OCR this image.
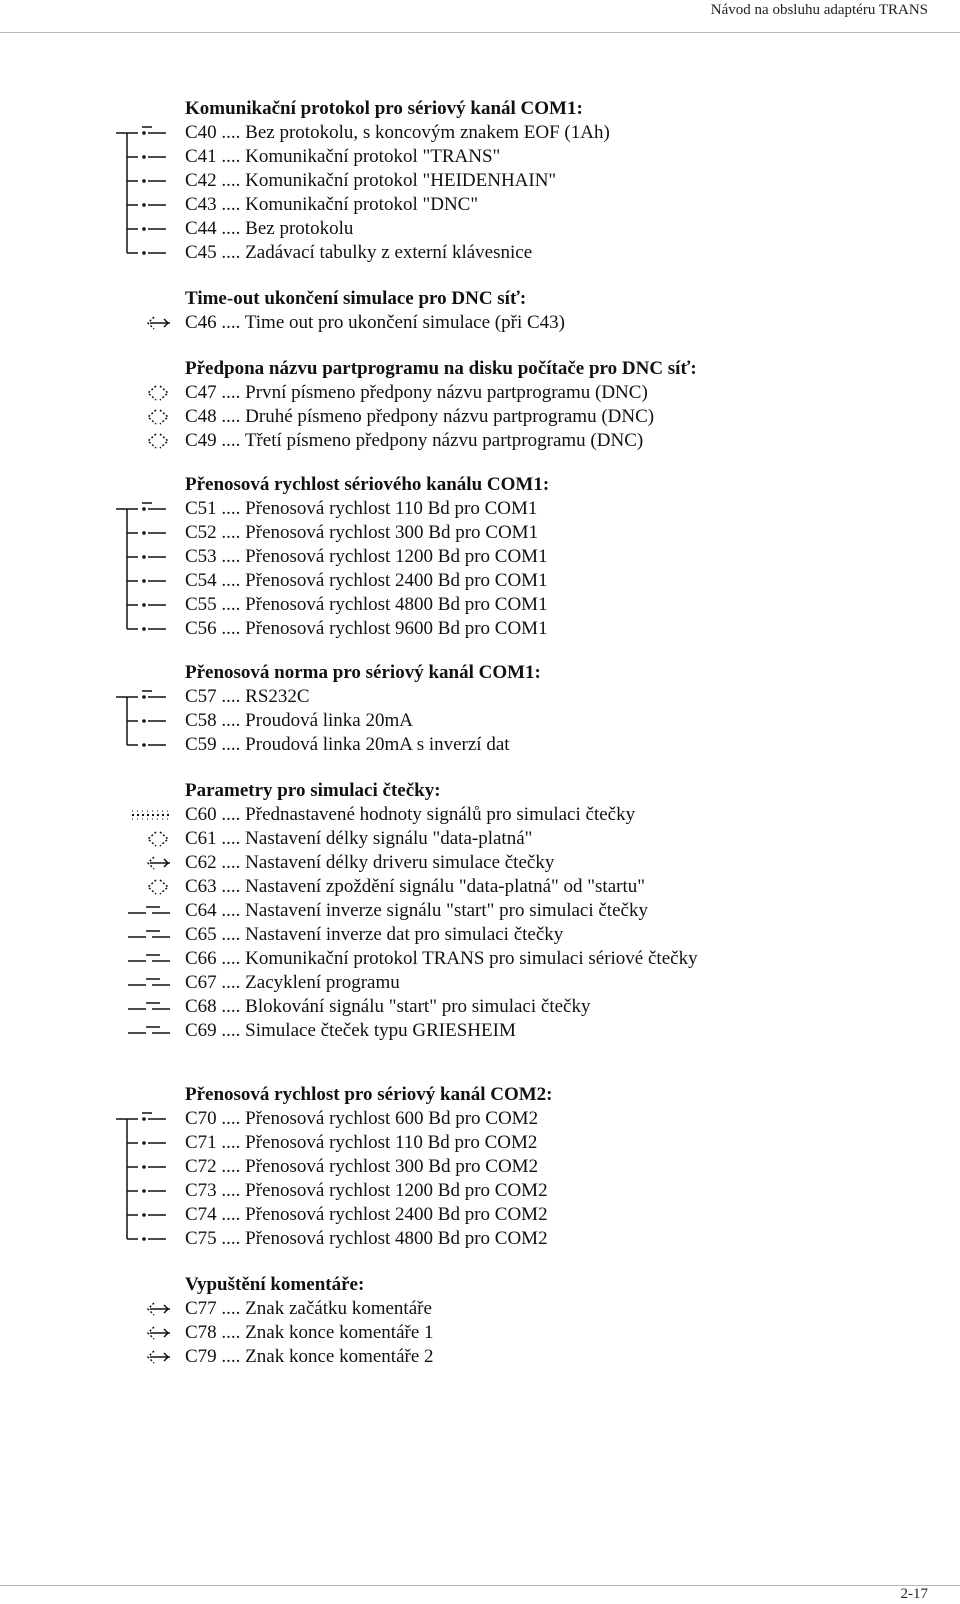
Návod na obsluhu adaptéru TRANS
Komunikační protokol pro sériový kanál COM1:
C40 .... Bez protokolu, s koncovým znakem EOF (1Ah)
C41 .... Komunikační protokol "TRANS"
C42 .... Komunikační protokol "HEIDENHAIN"
C43 .... Komunikační protokol "DNC"
C44 .... Bez protokolu
C45 .... Zadávací tabulky z externí klávesnice
Time-out ukončení simulace pro DNC síť:
C46 .... Time out pro ukončení simulace (při C43)
Předpona názvu partprogramu na disku počítače pro DNC síť:
C47 .... První písmeno předpony názvu partprogramu (DNC)
C48 .... Druhé písmeno předpony názvu partprogramu (DNC)
C49 .... Třetí písmeno předpony názvu partprogramu (DNC)
Přenosová rychlost sériového kanálu COM1:
C51 .... Přenosová rychlost 110 Bd pro COM1
C52 .... Přenosová rychlost 300 Bd pro COM1
C53 .... Přenosová rychlost 1200 Bd pro COM1
C54 .... Přenosová rychlost 2400 Bd pro COM1
C55 .... Přenosová rychlost 4800 Bd pro COM1
C56 .... Přenosová rychlost 9600 Bd pro COM1
Přenosová norma pro sériový kanál COM1:
C57 .... RS232C
C58 .... Proudová linka 20mA
C59 .... Proudová linka 20mA s inverzí dat
Parametry pro simulaci čtečky:
C60 .... Přednastavené hodnoty signálů pro simulaci čtečky
C61 .... Nastavení délky signálu "data-platná"
C62 .... Nastavení délky driveru simulace čtečky
C63 .... Nastavení zpoždění signálu "data-platná" od "startu"
C64 .... Nastavení inverze signálu "start" pro simulaci čtečky
C65 .... Nastavení inverze dat pro simulaci čtečky
C66 .... Komunikační protokol TRANS pro simulaci sériové čtečky
C67 .... Zacyklení programu
C68 .... Blokování signálu "start" pro simulaci čtečky
C69 .... Simulace čteček typu GRIESHEIM
Přenosová rychlost pro sériový kanál COM2:
C70 .... Přenosová rychlost 600 Bd pro COM2
C71 .... Přenosová rychlost 110 Bd pro COM2
C72 .... Přenosová rychlost 300 Bd pro COM2
C73 .... Přenosová rychlost 1200 Bd pro COM2
C74 .... Přenosová rychlost 2400 Bd pro COM2
C75 .... Přenosová rychlost 4800 Bd pro COM2
Vypuštění komentáře:
C77 .... Znak začátku komentáře
C78 .... Znak konce komentáře 1
C79 .... Znak konce komentáře 2
2-17
